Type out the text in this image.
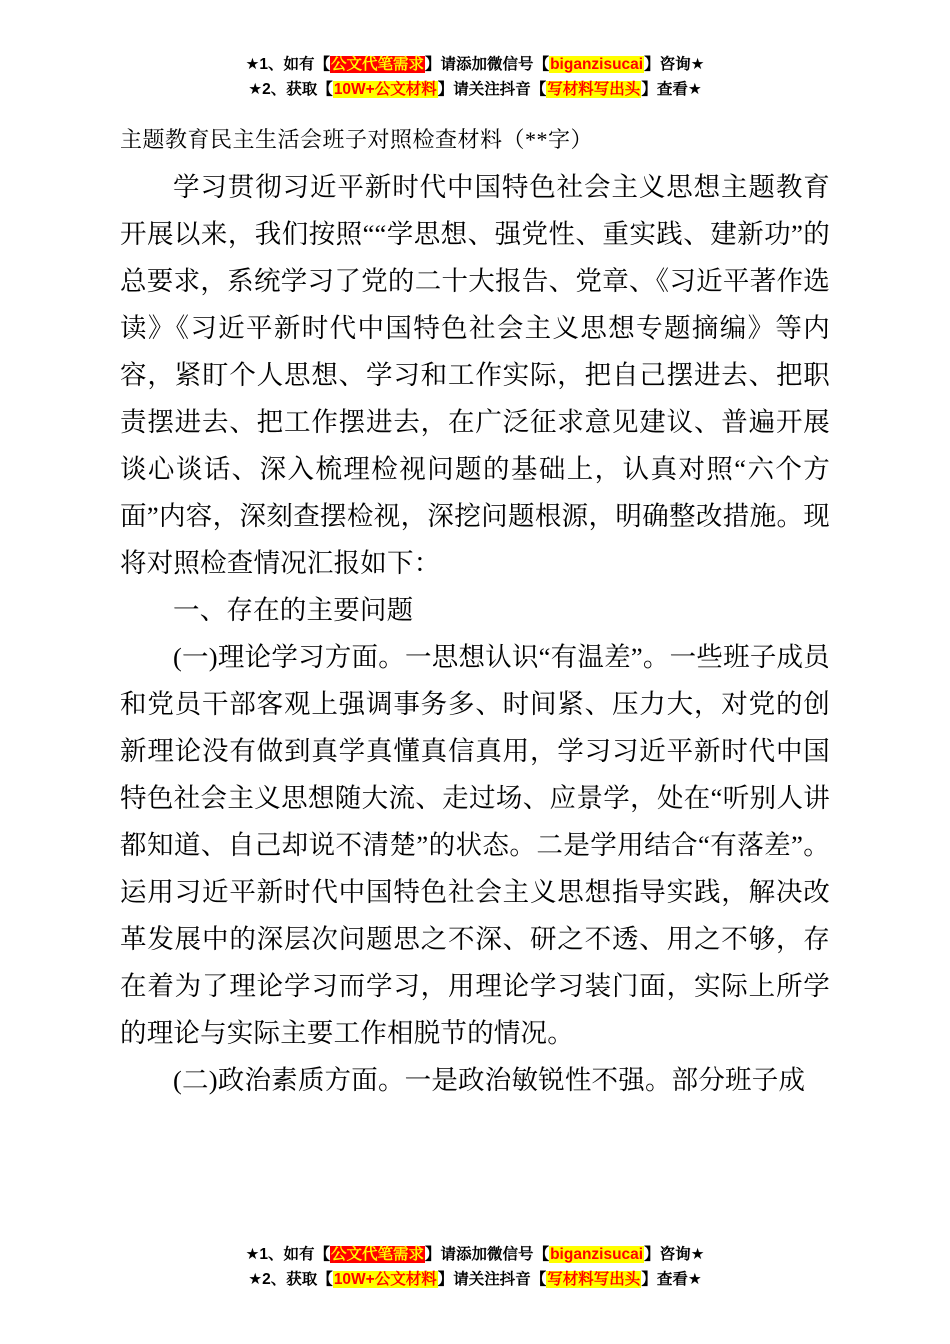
★1、如有【公文代笔需求】请添加微信号【biganzisucai】咨询★
★2、获取【10W+公文材料】请关注抖音【写材料写出头】查看★
主题教育民主生活会班子对照检查材料（**字）

学习贯彻习近平新时代中国特色社会主义思想主题教育开展以来，我们按照““学思想、强党性、重实践、建新功”的总要求，系统学习了党的二十大报告、党章、《习近平著作选读》《习近平新时代中国特色社会主义思想专题摘编》等内容，紧盯个人思想、学习和工作实际，把自己摆进去、把职责摆进去、把工作摆进去，在广泛征求意见建议、普遍开展谈心谈话、深入梳理检视问题的基础上，认真对照“六个方面”内容，深刻查摆检视，深挖问题根源，明确整改措施。现将对照检查情况汇报如下：

一、存在的主要问题

(一)理论学习方面。一思想认识“有温差”。一些班子成员和党员干部客观上强调事务多、时间紧、压力大，对党的创新理论没有做到真学真懂真信真用，学习习近平新时代中国特色社会主义思想随大流、走过场、应景学，处在“听别人讲都知道、自己却说不清楚”的状态。二是学用结合“有落差”。运用习近平新时代中国特色社会主义思想指导实践，解决改革发展中的深层次问题思之不深、研之不透、用之不够，存在着为了理论学习而学习，用理论学习装门面，实际上所学的理论与实际主要工作相脱节的情况。

(二)政治素质方面。一是政治敏锐性不强。部分班子成

★1、如有【公文代笔需求】请添加微信号【biganzisucai】咨询★
★2、获取【10W+公文材料】请关注抖音【写材料写出头】查看★
